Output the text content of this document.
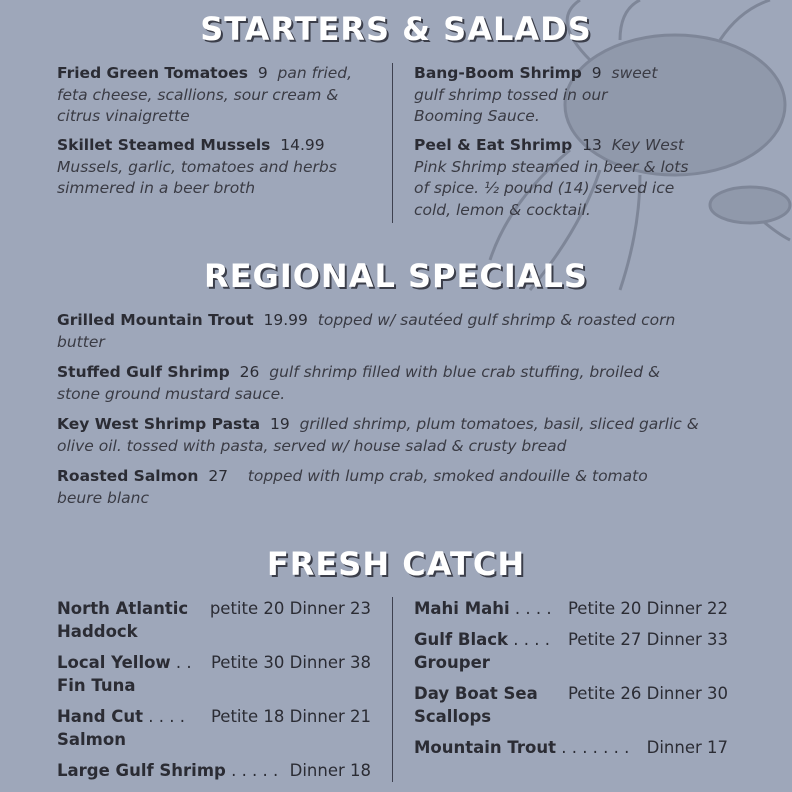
STARTERS & SALADS
Fried Green Tomatoes 9 pan fried, feta cheese, scallions, sour cream & citrus vinaigrette
Skillet Steamed Mussels 14.99
Mussels, garlic, tomatoes and herbs simmered in a beer broth
Bang-Boom Shrimp 9 sweet gulf shrimp tossed in our Booming Sauce.
Peel & Eat Shrimp 13 Key West Pink Shrimp steamed in beer & lots of spice. ½ pound (14) served ice cold, lemon & cocktail.
REGIONAL SPECIALS
Grilled Mountain Trout 19.99 topped w/ sautéed gulf shrimp & roasted corn butter
Stuffed Gulf Shrimp 26 gulf shrimp filled with blue crab stuffing, broiled & stone ground mustard sauce.
Key West Shrimp Pasta 19 grilled shrimp, plum tomatoes, basil, sliced garlic & olive oil. tossed with pasta, served w/ house salad & crusty bread
Roasted Salmon 27 topped with lump crab, smoked andouille & tomato beure blanc
FRESH CATCH
North Atlantic
Haddock
petite 20 Dinner 23
Local Yellow
Fin Tuna
. . Petite 30 Dinner 38
Hand Cut
Salmon
. . . . Petite 18 Dinner 21
Large Gulf Shrimp . . . . . Dinner 18
Mahi Mahi . . . . Petite 20 Dinner 22
Gulf Black
Grouper
. . . . Petite 27 Dinner 33
Day Boat Sea
Scallops
Petite 26 Dinner 30
Mountain Trout . . . . . . . Dinner 17
